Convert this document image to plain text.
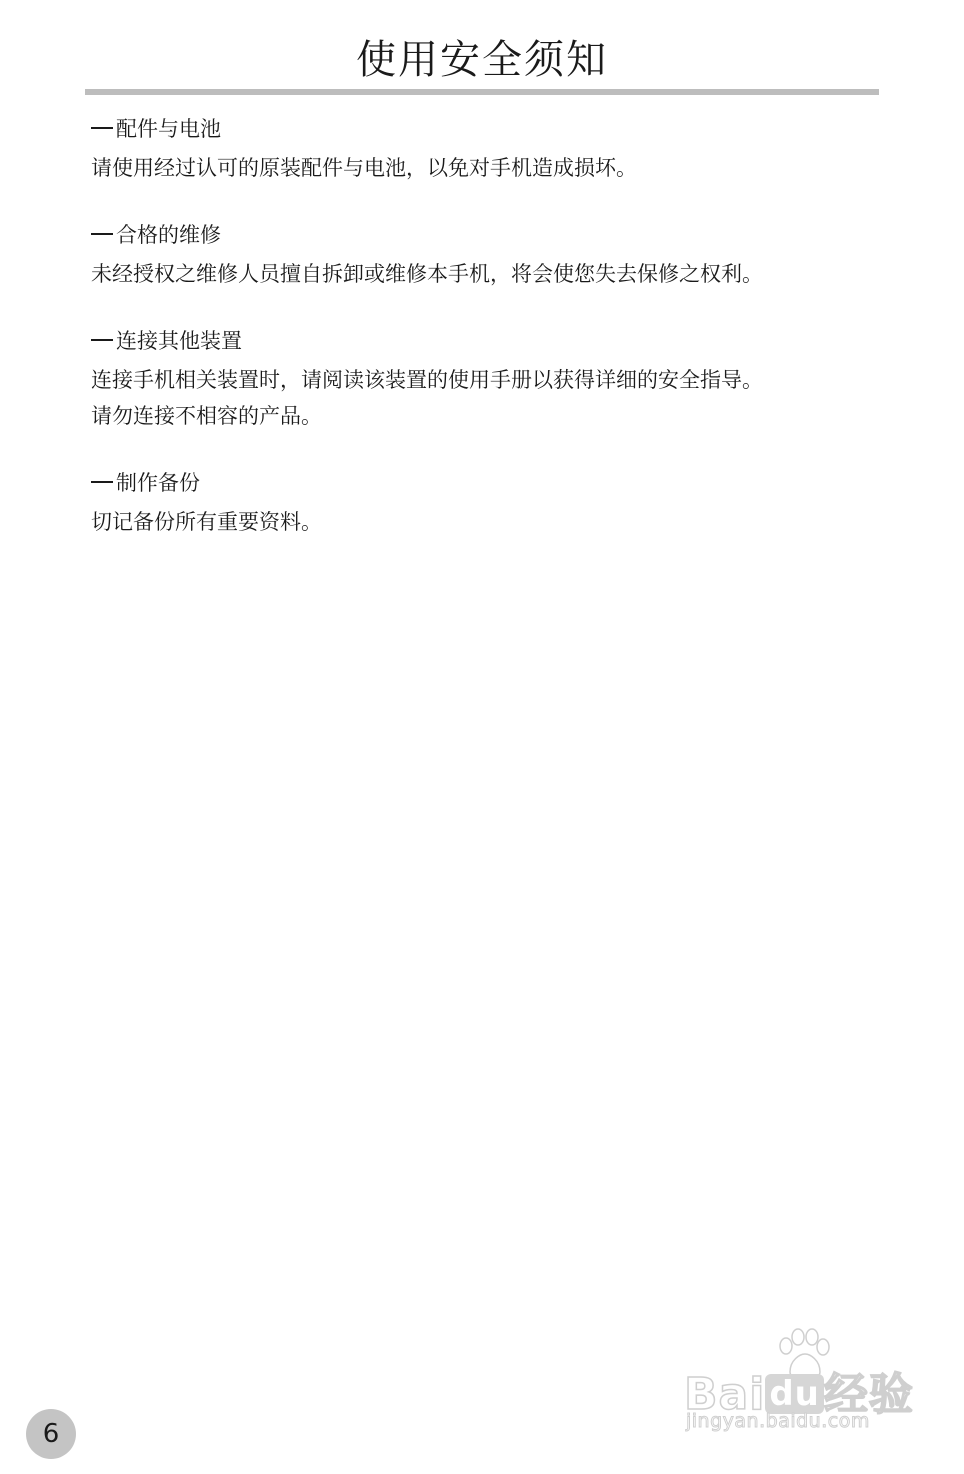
使用安全须知
配件与电池
请使用经过认可的原装配件与电池，以免对手机造成损坏。
合格的维修
未经授权之维修人员擅自拆卸或维修本手机，将会使您失去保修之权利。
连接其他装置
连接手机相关装置时，请阅读该装置的使用手册以获得详细的安全指导。
请勿连接不相容的产品。
制作备份
切记备份所有重要资料。
Bai du经验
jingyan.baidu.com
6
